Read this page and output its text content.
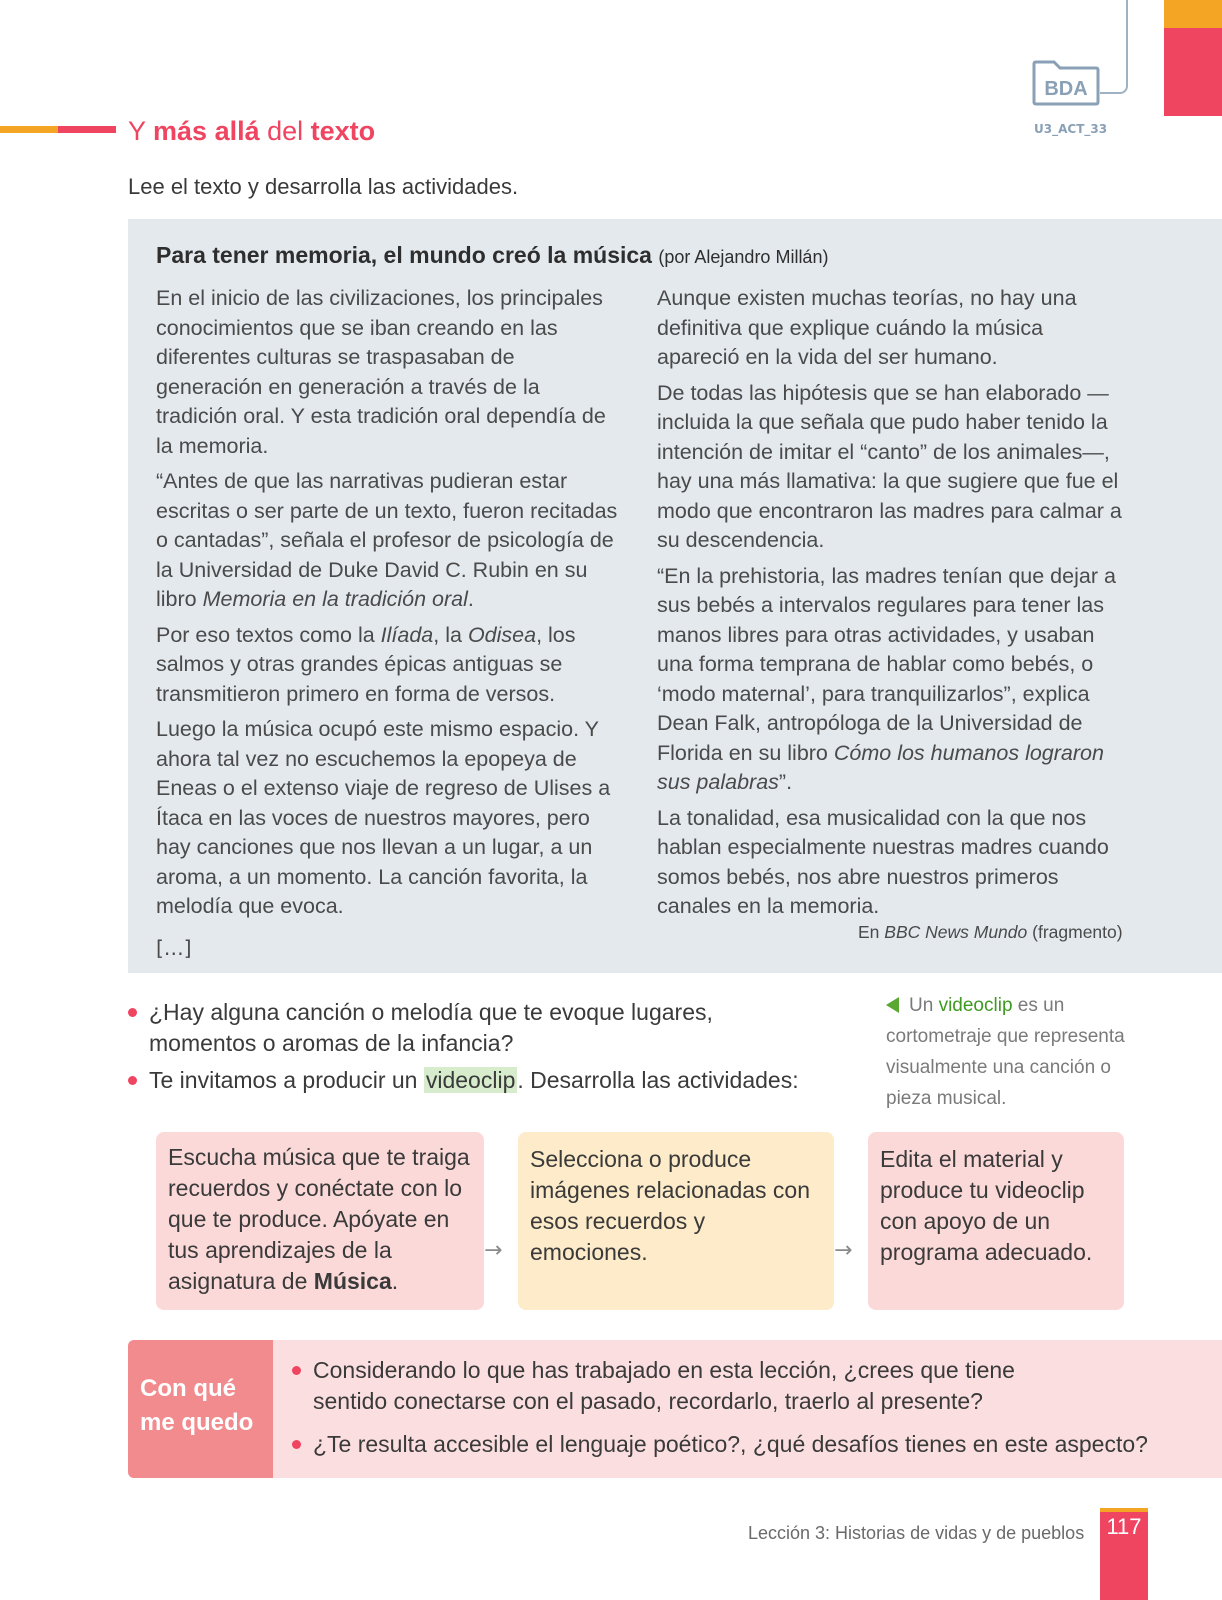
BDA
U3_ACT_33
Y más allá del texto
Lee el texto y desarrolla las actividades.
Para tener memoria, el mundo creó la música (por Alejandro Millán)

En el inicio de las civilizaciones, los principales conocimientos que se iban creando en las diferentes culturas se traspasaban de generación en generación a través de la tradición oral. Y esta tradición oral dependía de la memoria.

“Antes de que las narrativas pudieran estar escritas o ser parte de un texto, fueron recitadas o cantadas”, señala el profesor de psicología de la Universidad de Duke David C. Rubin en su libro Memoria en la tradición oral.

Por eso textos como la Ilíada, la Odisea, los salmos y otras grandes épicas antiguas se transmitieron primero en forma de versos.

Luego la música ocupó este mismo espacio. Y ahora tal vez no escuchemos la epopeya de Eneas o el extenso viaje de regreso de Ulises a Ítaca en las voces de nuestros mayores, pero hay canciones que nos llevan a un lugar, a un aroma, a un momento. La canción favorita, la melodía que evoca.

[…]

Aunque existen muchas teorías, no hay una definitiva que explique cuándo la música apareció en la vida del ser humano.

De todas las hipótesis que se han elaborado —incluida la que señala que pudo haber tenido la intención de imitar el “canto” de los animales—, hay una más llamativa: la que sugiere que fue el modo que encontraron las madres para calmar a su descendencia.

“En la prehistoria, las madres tenían que dejar a sus bebés a intervalos regulares para tener las manos libres para otras actividades, y usaban una forma temprana de hablar como bebés, o ‘modo maternal’, para tranquilizarlos”, explica Dean Falk, antropóloga de la Universidad de Florida en su libro Cómo los humanos lograron sus palabras”.

La tonalidad, esa musicalidad con la que nos hablan especialmente nuestras madres cuando somos bebés, nos abre nuestros primeros canales en la memoria.

En BBC News Mundo (fragmento)
¿Hay alguna canción o melodía que te evoque lugares,
momentos o aromas de la infancia?
Te invitamos a producir un videoclip. Desarrolla las actividades:
Un videoclip es un cortometraje que representa visualmente una canción o pieza musical.
Escucha música que te traiga recuerdos y conéctate con lo que te produce. Apóyate en tus aprendizajes de la asignatura de Música.
→
Selecciona o produce imágenes relacionadas con esos recuerdos y emociones.	→
Edita el material y produce tu videoclip con apoyo de un programa adecuado.
Con qué
me quedo
Considerando lo que has trabajado en esta lección, ¿crees que tiene
sentido conectarse con el pasado, recordarlo, traerlo al presente?
¿Te resulta accesible el lenguaje poético?, ¿qué desafíos tienes en este aspecto?
Lección 3: Historias de vidas y de pueblos 117
